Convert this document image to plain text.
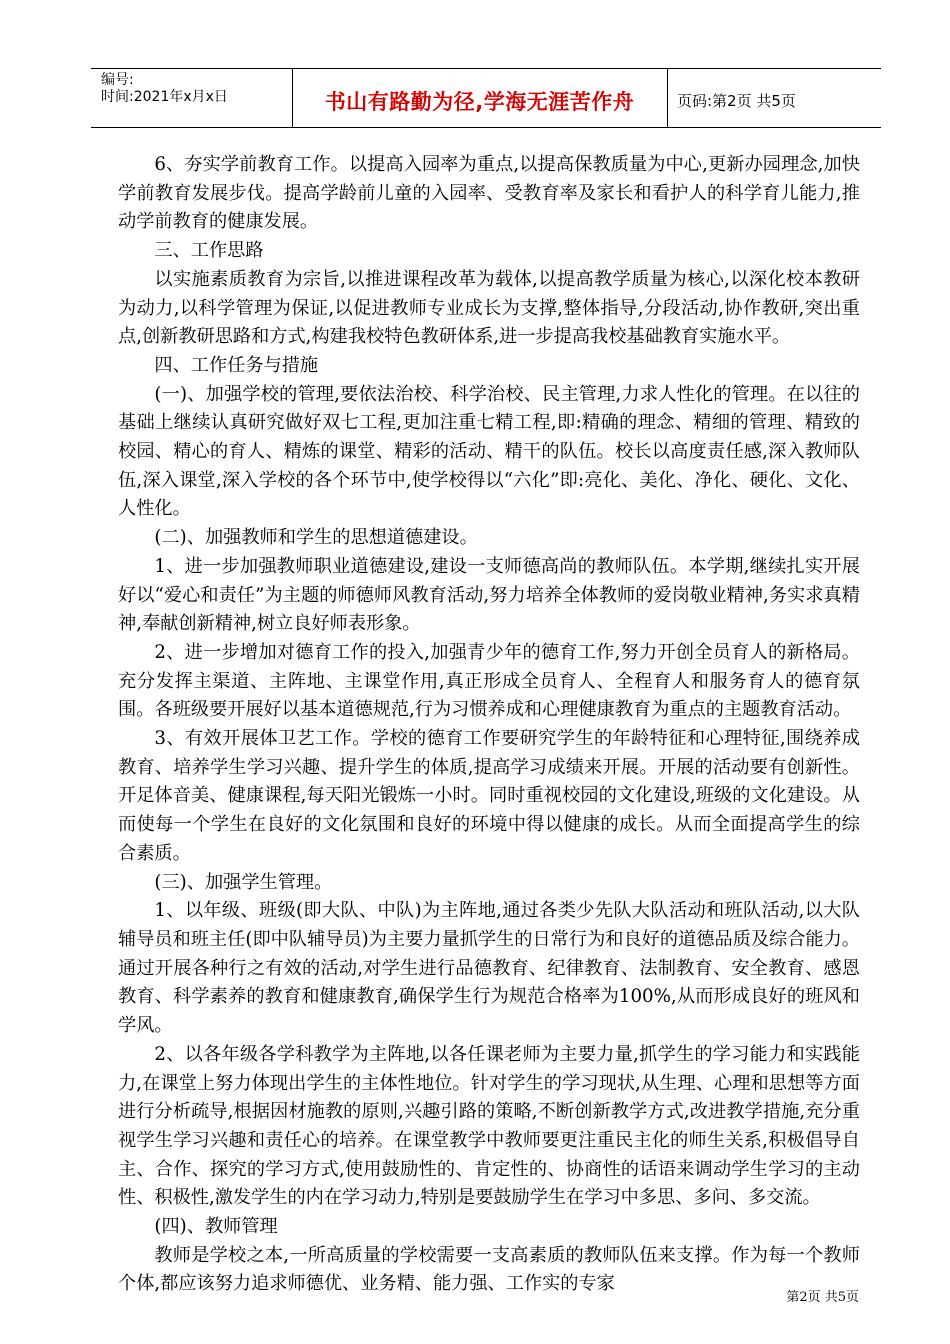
编号:
时间:2021年x月x日	书山有路勤为径,学海无涯苦作舟	页码:第2页 共5页

6、夯实学前教育工作。以提高入园率为重点,以提高保教质量为中心,更新办园理念,加快学前教育发展步伐。提高学龄前儿童的入园率、受教育率及家长和看护人的科学育儿能力,推动学前教育的健康发展。

三、工作思路

以实施素质教育为宗旨,以推进课程改革为载体,以提高教学质量为核心,以深化校本教研为动力,以科学管理为保证,以促进教师专业成长为支撑,整体指导,分段活动,协作教研,突出重点,创新教研思路和方式,构建我校特色教研体系,进一步提高我校基础教育实施水平。

四、工作任务与措施

(一)、加强学校的管理,要依法治校、科学治校、民主管理,力求人性化的管理。在以往的基础上继续认真研究做好双七工程,更加注重七精工程,即:精确的理念、精细的管理、精致的校园、精心的育人、精炼的课堂、精彩的活动、精干的队伍。校长以高度责任感,深入教师队伍,深入课堂,深入学校的各个环节中,使学校得以“六化”即:亮化、美化、净化、硬化、文化、人性化。

(二)、加强教师和学生的思想道德建设。

1、进一步加强教师职业道德建设,建设一支师德高尚的教师队伍。本学期,继续扎实开展好以“爱心和责任”为主题的师德师风教育活动,努力培养全体教师的爱岗敬业精神,务实求真精神,奉献创新精神,树立良好师表形象。

2、进一步增加对德育工作的投入,加强青少年的德育工作,努力开创全员育人的新格局。充分发挥主渠道、主阵地、主课堂作用,真正形成全员育人、全程育人和服务育人的德育氛围。各班级要开展好以基本道德规范,行为习惯养成和心理健康教育为重点的主题教育活动。

3、有效开展体卫艺工作。学校的德育工作要研究学生的年龄特征和心理特征,围绕养成教育、培养学生学习兴趣、提升学生的体质,提高学习成绩来开展。开展的活动要有创新性。开足体音美、健康课程,每天阳光锻炼一小时。同时重视校园的文化建设,班级的文化建设。从而使每一个学生在良好的文化氛围和良好的环境中得以健康的成长。从而全面提高学生的综合素质。

(三)、加强学生管理。

1、以年级、班级(即大队、中队)为主阵地,通过各类少先队大队活动和班队活动,以大队辅导员和班主任(即中队辅导员)为主要力量抓学生的日常行为和良好的道德品质及综合能力。通过开展各种行之有效的活动,对学生进行品德教育、纪律教育、法制教育、安全教育、感恩教育、科学素养的教育和健康教育,确保学生行为规范合格率为100%,从而形成良好的班风和学风。

2、以各年级各学科教学为主阵地,以各任课老师为主要力量,抓学生的学习能力和实践能力,在课堂上努力体现出学生的主体性地位。针对学生的学习现状,从生理、心理和思想等方面进行分析疏导,根据因材施教的原则,兴趣引路的策略,不断创新教学方式,改进教学措施,充分重视学生学习兴趣和责任心的培养。在课堂教学中教师要更注重民主化的师生关系,积极倡导自主、合作、探究的学习方式,使用鼓励性的、肯定性的、协商性的话语来调动学生学习的主动性、积极性,激发学生的内在学习动力,特别是要鼓励学生在学习中多思、多问、多交流。

(四)、教师管理

教师是学校之本,一所高质量的学校需要一支高素质的教师队伍来支撑。作为每一个教师个体,都应该努力追求师德优、业务精、能力强、工作实的专家

第2页 共5页
